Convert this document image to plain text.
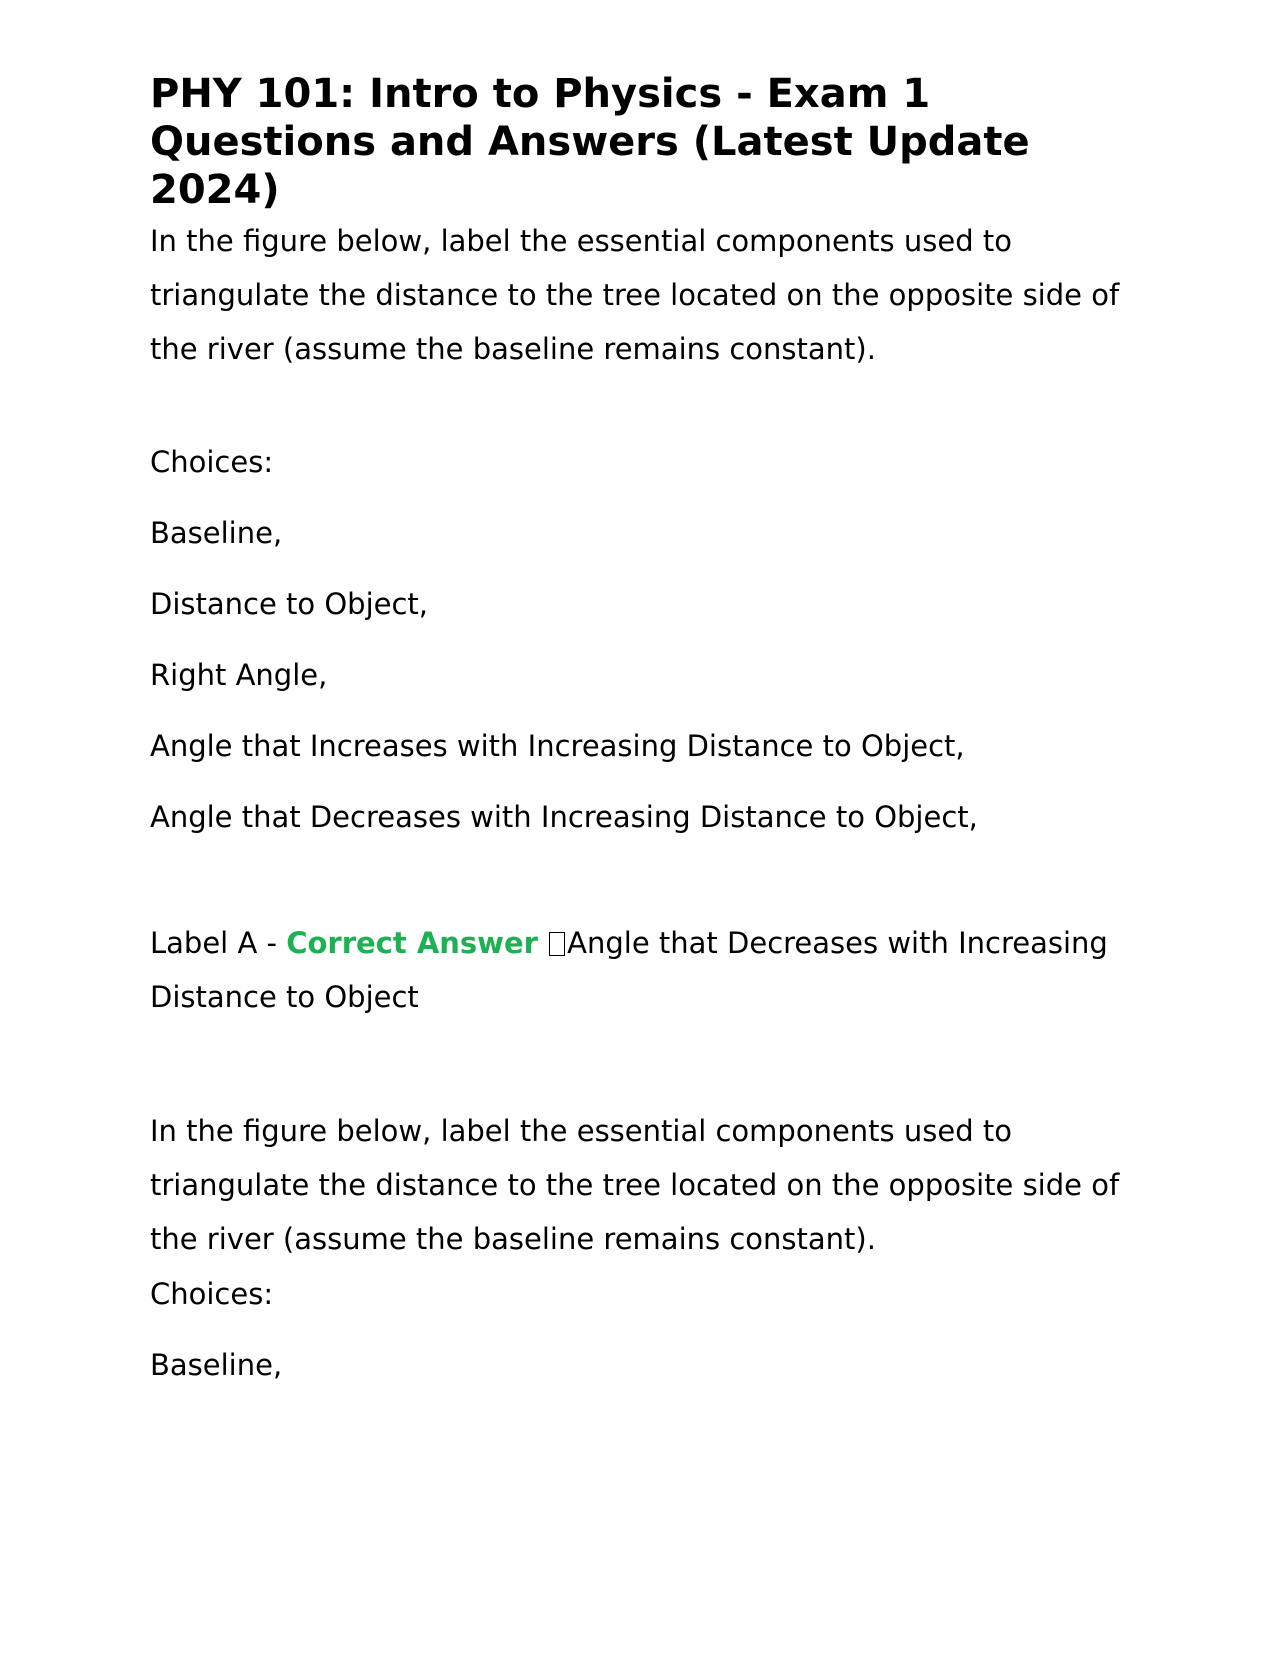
PHY 101: Intro to Physics - Exam 1 Questions and Answers (Latest Update 2024)

In the figure below, label the essential components used to triangulate the distance to the tree located on the opposite side of the river (assume the baseline remains constant).

Choices:

Baseline,

Distance to Object,

Right Angle,

Angle that Increases with Increasing Distance to Object,

Angle that Decreases with Increasing Distance to Object,

Label A - Correct Answer Angle that Decreases with Increasing Distance to Object

In the figure below, label the essential components used to triangulate the distance to the tree located on the opposite side of the river (assume the baseline remains constant).

Choices:

Baseline,
